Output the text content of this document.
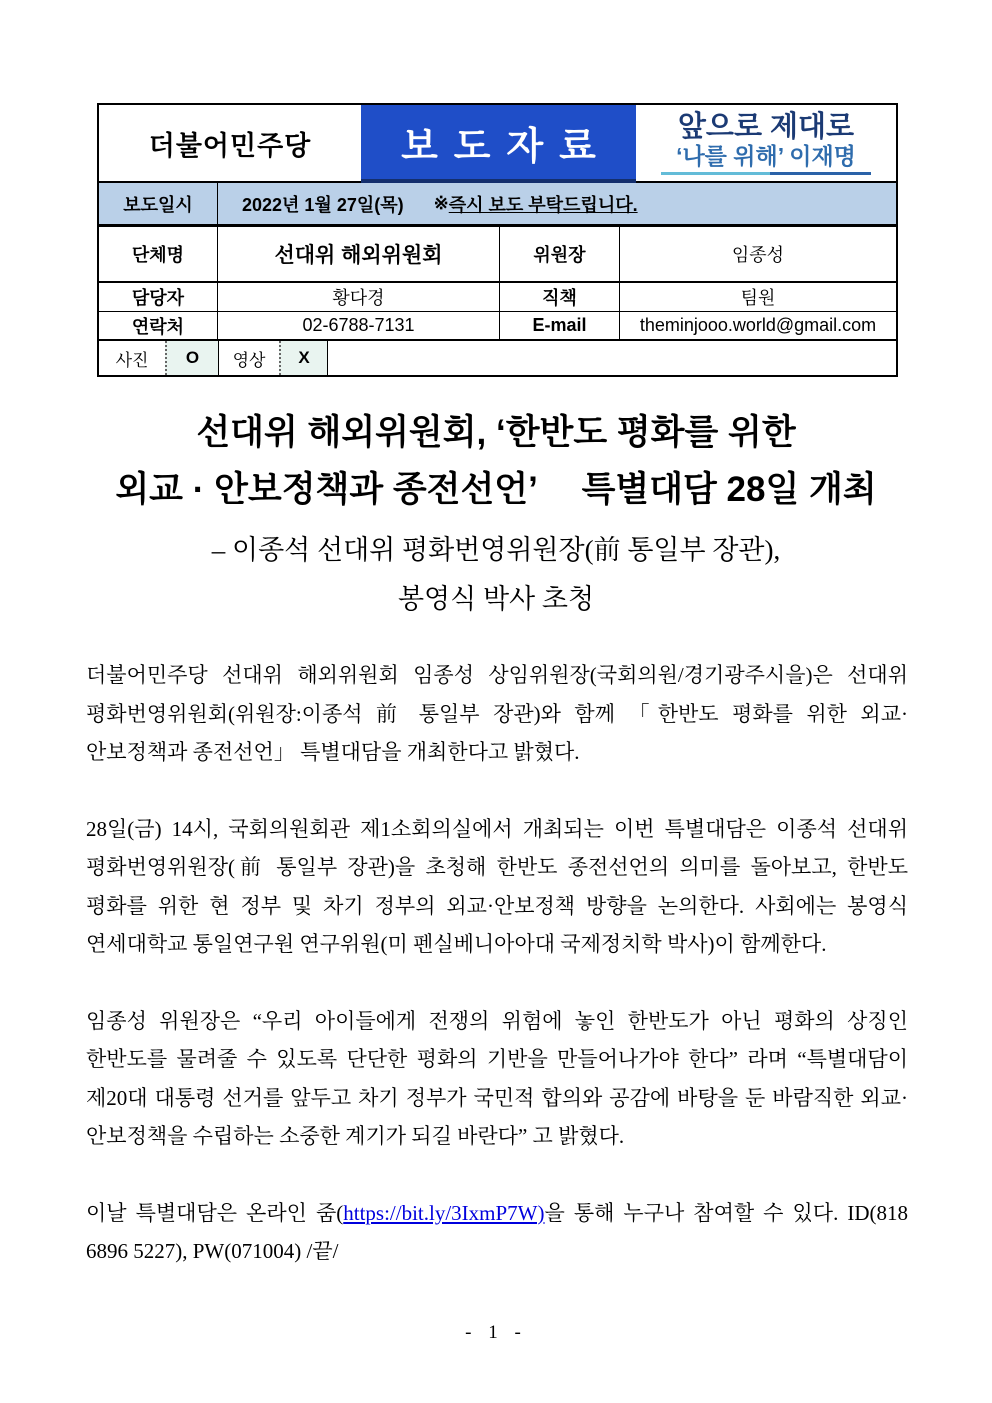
더불어민주당	보도자료	앞으로 제대로
‘나를 위해’ 이재명
보도일시	2022년 1월 27일(목) ※ 즉시 보도 부탁드립니다.
단체명	선대위 해외위원회	위원장	임종성
담당자	황다경	직책	팀원
연락처	02-6788-7131	E-mail	theminjooo.world@gmail.com
사진	O	영상	X
선대위 해외위원회, ‘한반도 평화를 위한
외교 · 안보정책과 종전선언’　 특별대담 28일 개최
– 이종석 선대위 평화번영위원장(前 통일부 장관),
봉영식 박사 초청

더불어민주당 선대위 해외위원회 임종성 상임위원장(국회의원/경기광주시을)은 선대위 평화번영위원회(위원장:이종석 前 통일부 장관)와 함께 「한반도 평화를 위한 외교·안보정책과 종전선언」 특별대담을 개최한다고 밝혔다.

28일(금) 14시, 국회의원회관 제1소회의실에서 개최되는 이번 특별대담은 이종석 선대위 평화번영위원장(前 통일부 장관)을 초청해 한반도 종전선언의 의미를 돌아보고, 한반도 평화를 위한 현 정부 및 차기 정부의 외교·안보정책 방향을 논의한다. 사회에는 봉영식 연세대학교 통일연구원 연구위원(미 펜실베니아아대 국제정치학 박사)이 함께한다.

임종성 위원장은 “우리 아이들에게 전쟁의 위험에 놓인 한반도가 아닌 평화의 상징인 한반도를 물려줄 수 있도록 단단한 평화의 기반을 만들어나가야 한다” 라며 “특별대담이 제20대 대통령 선거를 앞두고 차기 정부가 국민적 합의와 공감에 바탕을 둔 바람직한 외교·안보정책을 수립하는 소중한 계기가 되길 바란다” 고 밝혔다.

이날 특별대담은 온라인 줌(https://bit.ly/3IxmP7W)을 통해 누구나 참여할 수 있다. ID(818 6896 5227), PW(071004) /끝/

- 1 -
